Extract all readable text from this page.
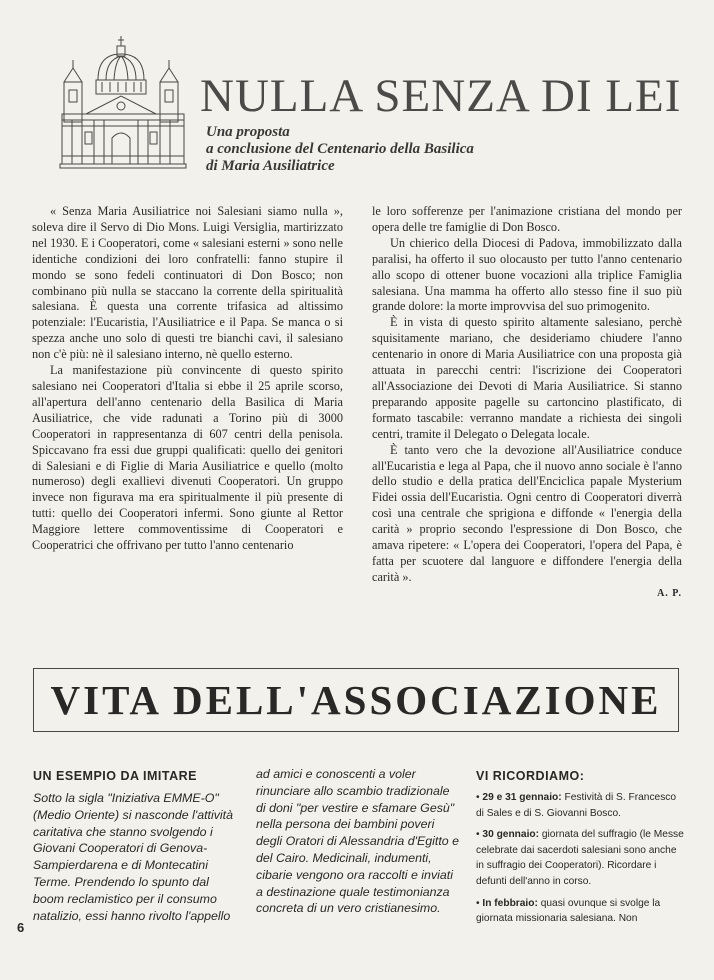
NULLA SENZA DI LEI
Una proposta
a conclusione del Centenario della Basilica
di Maria Ausiliatrice

« Senza Maria Ausiliatrice noi Salesiani siamo nulla », soleva dire il Servo di Dio Mons. Luigi Versiglia, martirizzato nel 1930. E i Cooperatori, come « salesiani esterni » sono nelle identiche condizioni dei loro confratelli: fanno stupire il mondo se sono fedeli continuatori di Don Bosco; non combinano più nulla se staccano la corrente della spiritualità salesiana. È questa una corrente trifasica ad altissimo potenziale: l'Eucaristia, l'Ausiliatrice e il Papa. Se manca o si spezza anche uno solo di questi tre bianchi cavi, il salesiano non c'è più: nè il salesiano interno, nè quello esterno.

La manifestazione più convincente di questo spirito salesiano nei Cooperatori d'Italia si ebbe il 25 aprile scorso, all'apertura dell'anno centenario della Basilica di Maria Ausiliatrice, che vide radunati a Torino più di 3000 Cooperatori in rappresentanza di 607 centri della penisola. Spiccavano fra essi due gruppi qualificati: quello dei genitori di Salesiani e di Figlie di Maria Ausiliatrice e quello (molto numeroso) degli exallievi divenuti Cooperatori. Un gruppo invece non figurava ma era spiritualmente il più presente di tutti: quello dei Cooperatori infermi. Sono giunte al Rettor Maggiore lettere commoventissime di Cooperatori e Cooperatrici che offrivano per tutto l'anno centenario

le loro sofferenze per l'animazione cristiana del mondo per opera delle tre famiglie di Don Bosco.

Un chierico della Diocesi di Padova, immobilizzato dalla paralisi, ha offerto il suo olocausto per tutto l'anno centenario allo scopo di ottener buone vocazioni alla triplice Famiglia salesiana. Una mamma ha offerto allo stesso fine il suo più grande dolore: la morte improvvisa del suo primogenito.

È in vista di questo spirito altamente salesiano, perchè squisitamente mariano, che desideriamo chiudere l'anno centenario in onore di Maria Ausiliatrice con una proposta già attuata in parecchi centri: l'iscrizione dei Cooperatori all'Associazione dei Devoti di Maria Ausiliatrice. Si stanno preparando apposite pagelle su cartoncino plastificato, di formato tascabile: verranno mandate a richiesta dei singoli centri, tramite il Delegato o Delegata locale.

È tanto vero che la devozione all'Ausiliatrice conduce all'Eucaristia e lega al Papa, che il nuovo anno sociale è l'anno dello studio e della pratica dell'Enciclica papale Mysterium Fidei ossia dell'Eucaristia. Ogni centro di Cooperatori diverrà così una centrale che sprigiona e diffonde « l'energia della carità » proprio secondo l'espressione di Don Bosco, che amava ripetere: « L'opera dei Cooperatori, l'opera del Papa, è fatta per scuotere dal languore e diffondere l'energia della carità ».

A. P.
VITA DELL'ASSOCIAZIONE
UN ESEMPIO DA IMITARE

Sotto la sigla "Iniziativa EMME-O" (Medio Oriente) si nasconde l'attività caritativa che stanno svolgendo i Giovani Cooperatori di Genova-Sampierdarena e di Montecatini Terme. Prendendo lo spunto dal boom reclamistico per il consumo natalizio, essi hanno rivolto l'appello

ad amici e conoscenti a voler rinunciare allo scambio tradizionale di doni "per vestire e sfamare Gesù" nella persona dei bambini poveri degli Oratori di Alessandria d'Egitto e del Cairo. Medicinali, indumenti, cibarie vengono ora raccolti e inviati a destinazione quale testimonianza concreta di un vero cristianesimo.

VI RICORDIAMO:
• 29 e 31 gennaio: Festività di S. Francesco di Sales e di S. Giovanni Bosco.
• 30 gennaio: giornata del suffragio (le Messe celebrate dai sacerdoti salesiani sono anche in suffragio dei Cooperatori). Ricordare i defunti dell'anno in corso.
• In febbraio: quasi ovunque si svolge la giornata missionaria salesiana. Non
6
